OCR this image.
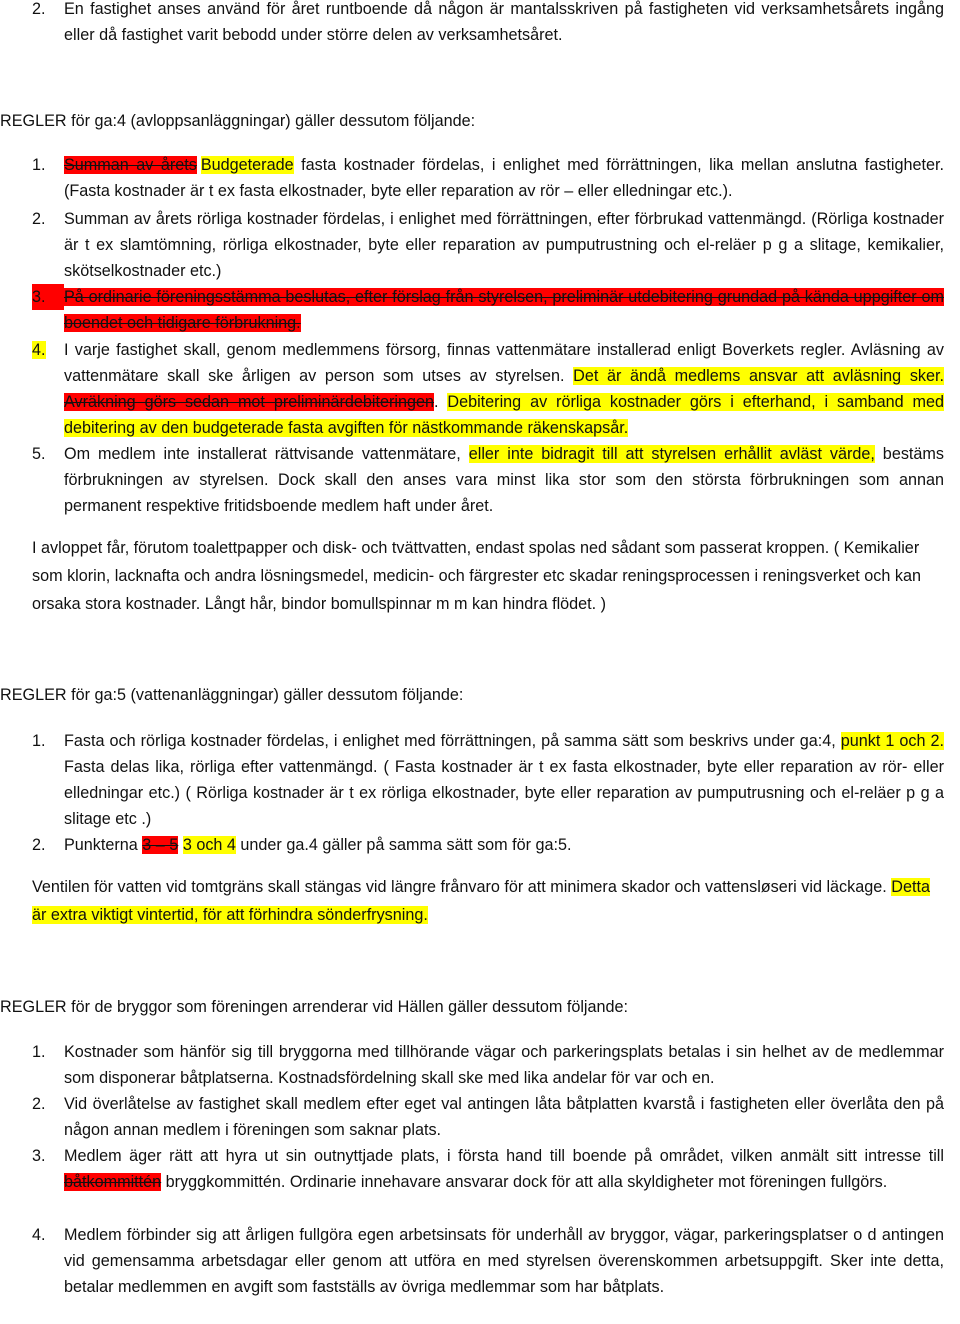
2.	En fastighet anses använd för året runtboende då någon är mantalsskriven på fastigheten vid verksamhetsårets ingång eller då fastighet varit bebodd under större delen av verksamhetsåret.

REGLER för ga:4 (avloppsanläggningar) gäller dessutom följande:

1.	Summan av årets Budgeterade fasta kostnader fördelas, i enlighet med förrättningen, lika mellan anslutna fastigheter. (Fasta kostnader är t ex fasta elkostnader, byte eller reparation av rör – eller elledningar etc.).
2.	Summan av årets rörliga kostnader fördelas, i enlighet med förrättningen, efter förbrukad vattenmängd. (Rörliga kostnader är t ex slamtömning, rörliga elkostnader, byte eller reparation av pumputrustning och el-reläer p g a slitage, kemikalier, skötselkostnader etc.)
3.	På ordinarie föreningsstämma beslutas, efter förslag från styrelsen, preliminär utdebitering grundad på kända uppgifter om boendet och tidigare förbrukning.
4.	I varje fastighet skall, genom medlemmens försorg, finnas vattenmätare installerad enligt Boverkets regler. Avläsning av vattenmätare skall ske årligen av person som utses av styrelsen. Det är ändå medlems ansvar att avläsning sker. Avräkning görs sedan mot preliminärdebiteringen. Debitering av rörliga kostnader görs i efterhand, i samband med debitering av den budgeterade fasta avgiften för nästkommande räkenskapsår.
5.	Om medlem inte installerat rättvisande vattenmätare, eller inte bidragit till att styrelsen erhållit avläst värde, bestäms förbrukningen av styrelsen. Dock skall den anses vara minst lika stor som den största förbrukningen som annan permanent respektive fritidsboende medlem haft under året.

I avloppet får, förutom toalettpapper och disk- och tvättvatten, endast spolas ned sådant som passerat kroppen. ( Kemikalier som klorin, lacknafta och andra lösningsmedel, medicin- och färgrester etc skadar reningsprocessen i reningsverket och kan orsaka stora kostnader. Långt hår, bindor bomullspinnar m m kan hindra flödet. )

REGLER för ga:5 (vattenanläggningar) gäller dessutom följande:

1.	Fasta och rörliga kostnader fördelas, i enlighet med förrättningen, på samma sätt som beskrivs under ga:4, punkt 1 och 2. Fasta delas lika, rörliga efter vattenmängd. ( Fasta kostnader är t ex fasta elkostnader, byte eller reparation av rör- eller elledningar etc.) ( Rörliga kostnader är t ex rörliga elkostnader, byte eller reparation av pumputrusning och el-reläer p g a slitage etc .)
2.	Punkterna 3 – 5 3 och 4 under ga.4 gäller på samma sätt som för ga:5.

Ventilen för vatten vid tomtgräns skall stängas vid längre frånvaro för att minimera skador och vattensløseri vid läckage. Detta är extra viktigt vintertid, för att förhindra sönderfrysning.

REGLER för de bryggor som föreningen arrenderar vid Hällen gäller dessutom följande:

1.	Kostnader som hänför sig till bryggorna med tillhörande vägar och parkeringsplats betalas i sin helhet av de medlemmar som disponerar båtplatserna. Kostnadsfördelning skall ske med lika andelar för var och en.
2.	Vid överlåtelse av fastighet skall medlem efter eget val antingen låta båtplatten kvarstå i fastigheten eller överlåta den på någon annan medlem i föreningen som saknar plats.
3.	Medlem äger rätt att hyra ut sin outnyttjade plats, i första hand till boende på området, vilken anmält sitt intresse till båtkommittén bryggkommittén. Ordinarie innehavare ansvarar dock för att alla skyldigheter mot föreningen fullgörs.
4.	Medlem förbinder sig att årligen fullgöra egen arbetsinsats för underhåll av bryggor, vägar, parkeringsplatser o d antingen vid gemensamma arbetsdagar eller genom att utföra en med styrelsen överenskommen arbetsuppgift. Sker inte detta, betalar medlemmen en avgift som fastställs av övriga medlemmar som har båtplats.
